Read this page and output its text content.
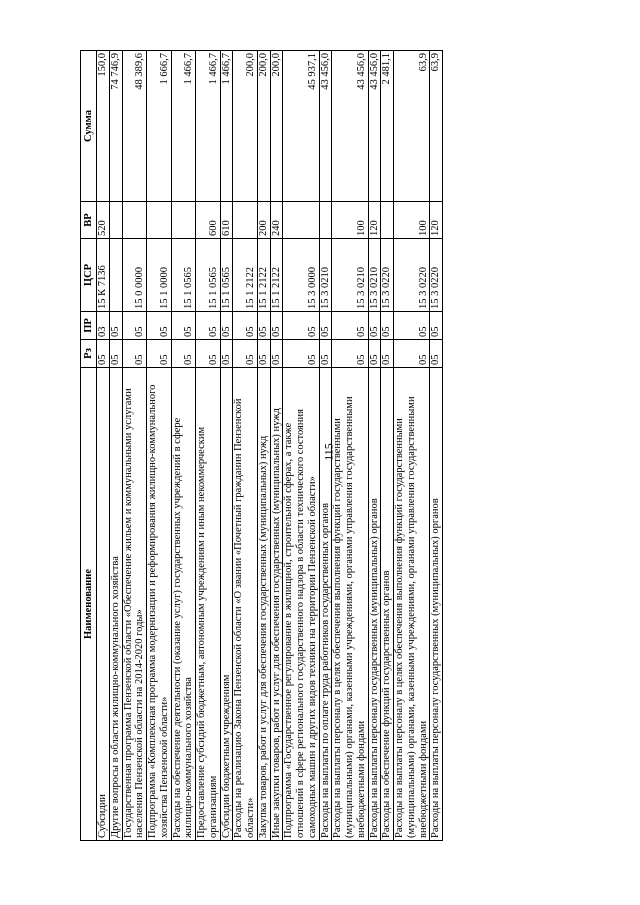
115
Наименование	Рз	ПР	ЦСР	ВР	Сумма
Субсидии	05	03	15 К 7136	520	150,0
Другие вопросы в области жилищно-коммунального хозяйства	05	05			74 746,9
Государственная программа Пензенской области «Обеспечение жильем и коммунальными услугами населения Пензенской области на 2014-2020 годы»	05	05	15 0 0000		48 389,6
Подпрограмма «Комплексная программа модернизации и реформирования жилищно-коммунального хозяйства Пензенской области»	05	05	15 1 0000		1 666,7
Расходы на обеспечение деятельности (оказание услуг) государственных учреждений в сфере жилищно-коммунального хозяйства	05	05	15 1 0565		1 466,7
Предоставление субсидий бюджетным, автономным учреждениям и иным некоммерческим организациям	05	05	15 1 0565	600	1 466,7
Субсидии бюджетным учреждениям	05	05	15 1 0565	610	1 466,7
Расходы на реализацию Закона Пензенской области «О звании «Почетный гражданин Пензенской области»	05	05	15 1 2122		200,0
Закупка товаров, работ и услуг для обеспечения государственных (муниципальных) нужд	05	05	15 1 2122	200	200,0
Иные закупки товаров, работ и услуг для обеспечения государственных (муниципальных) нужд	05	05	15 1 2122	240	200,0
Подпрограмма «Государственное регулирование в жилищной, строительной сферах, а также отношений в сфере регионального государственного надзора в области технического состояния самоходных машин и других видов техники на территории Пензенской области»	05	05	15 3 0000		45 937,1
Расходы на выплаты по оплате труда работников государственных органов	05	05	15 3 0210		43 456,0
Расходы на выплаты персоналу в целях обеспечения выполнения функций государственными (муниципальными) органами, казенными учреждениями, органами управления государственными внебюджетными фондами	05	05	15 3 0210	100	43 456,0
Расходы на выплаты персоналу государственных (муниципальных) органов	05	05	15 3 0210	120	43 456,0
Расходы на обеспечение функций государственных органов	05	05	15 3 0220		2 481,1
Расходы на выплаты персоналу в целях обеспечения выполнения функций государственными (муниципальными) органами, казенными учреждениями, органами управления государственными внебюджетными фондами	05	05	15 3 0220	100	63,9
Расходы на выплаты персоналу государственных (муниципальных) органов	05	05	15 3 0220	120	63,9
